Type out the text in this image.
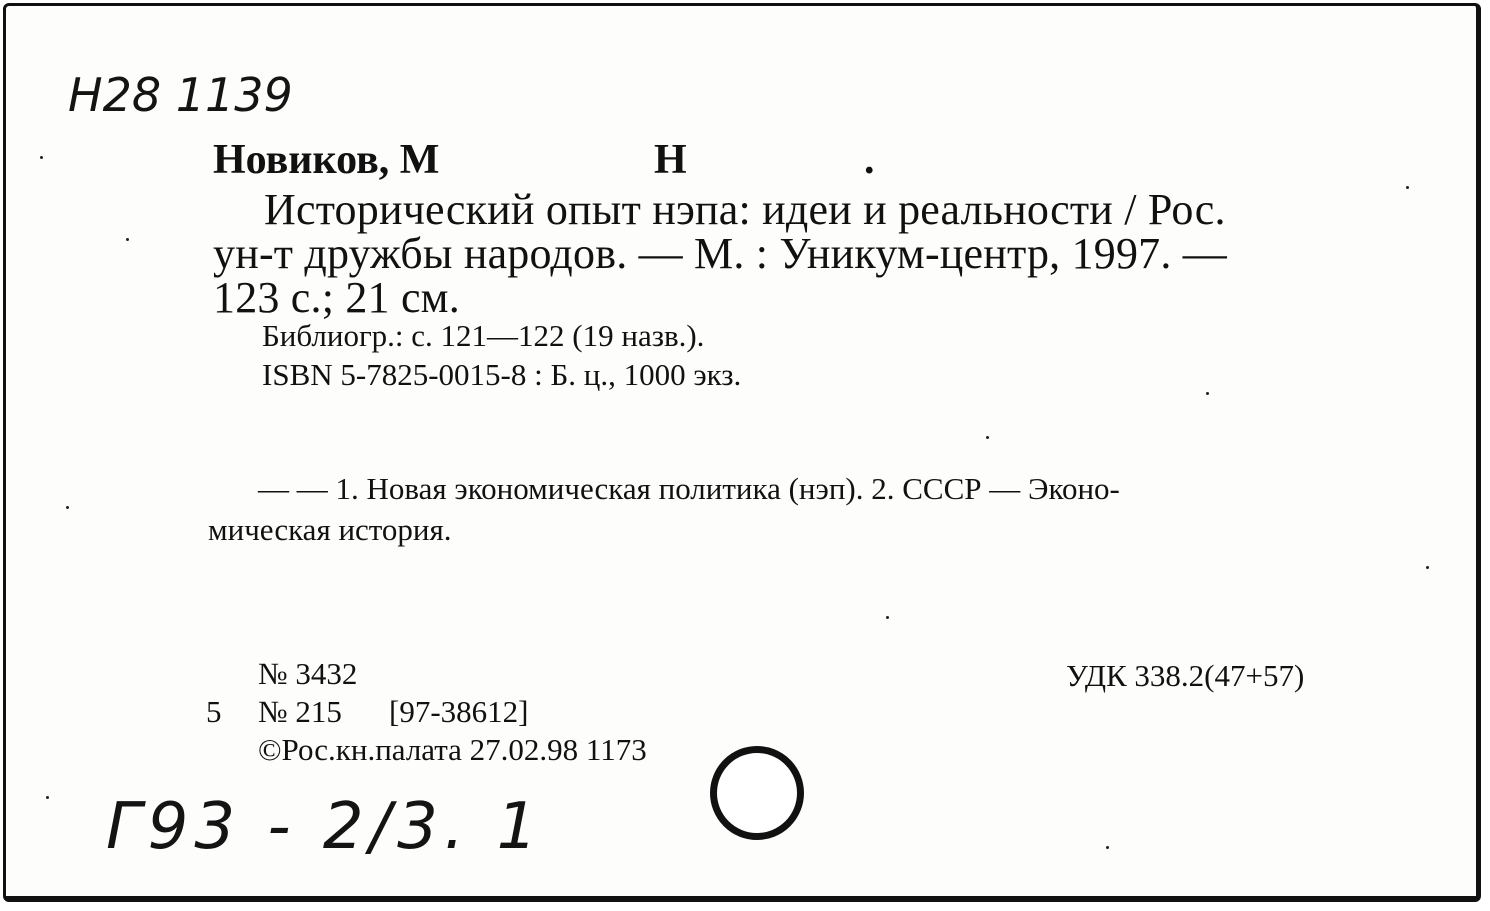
Н28 1139
Новиков, М	Н	.
Исторический опыт нэпа: идеи и реальности / Рос.
ун-т дружбы народов. — М. : Уникум-центр, 1997. —
123 с.; 21 см.
Библиогр.: с. 121—122 (19 назв.).
ISBN 5-7825-0015-8 : Б. ц., 1000 экз.
— — 1. Новая экономическая политика (нэп). 2. СССР — Эконо-
мическая история.
№ 3432
5 № 215 [97-38612]
©Рос.кн.палата 27.02.98 1173
УДК 338.2(47+57)
Г93 - 2/3. 1
